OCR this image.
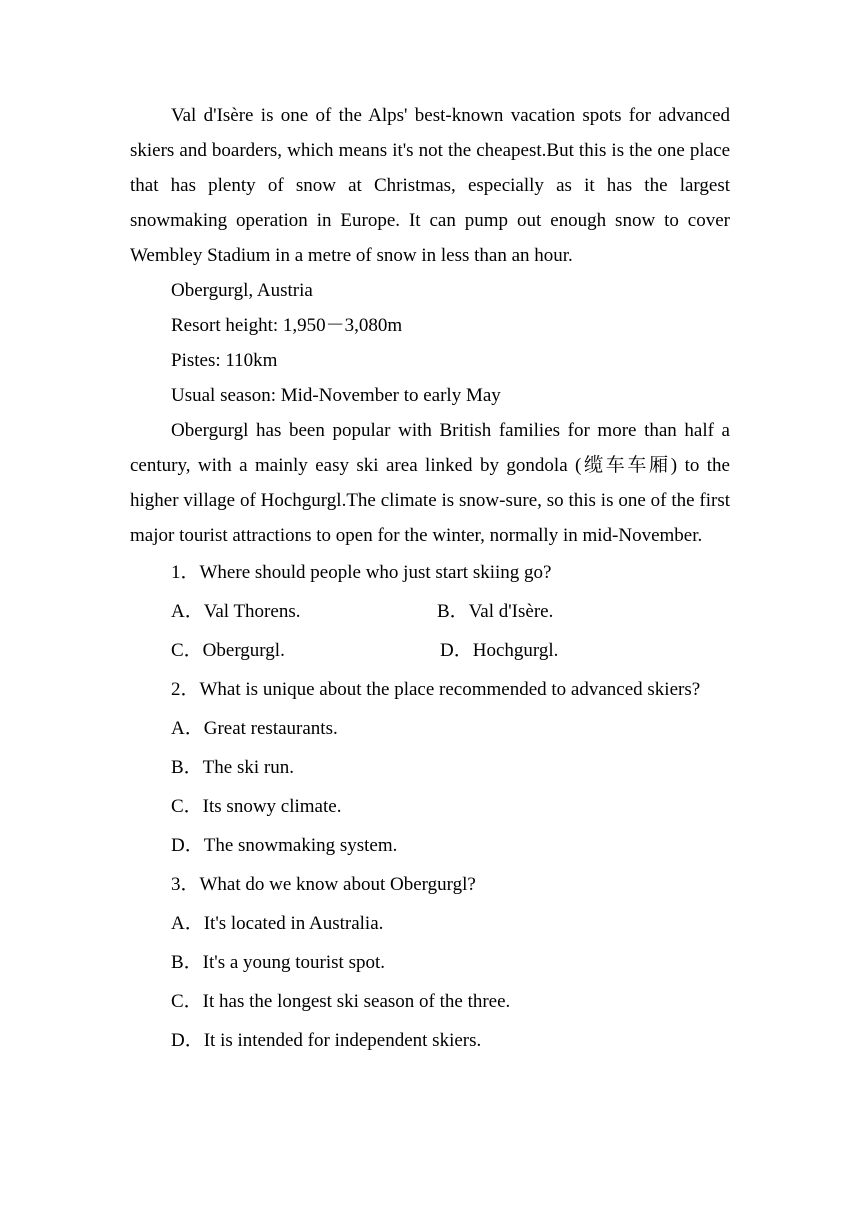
Val d'Isère is one of the Alps' best-known vacation spots for advanced skiers and boarders, which means it's not the cheapest.But this is the one place that has plenty of snow at Christmas, especially as it has the largest snowmaking operation in Europe. It can pump out enough snow to cover Wembley Stadium in a metre of snow in less than an hour.

Obergurgl, Austria

Resort height: 1,950－3,080m

Pistes: 110km

Usual season: Mid-November to early May

Obergurgl has been popular with British families for more than half a century, with a mainly easy ski area linked by gondola (缆车车厢) to the higher village of Hochgurgl.The climate is snow-sure, so this is one of the first major tourist attractions to open for the winter, normally in mid-November.

1．Where should people who just start skiing go?

A．Val Thorens.	B．Val d'Isère.
C．Obergurgl.	D．Hochgurgl.

2．What is unique about the place recommended to advanced skiers?

A．Great restaurants.

B．The ski run.

C．Its snowy climate.

D．The snowmaking system.

3．What do we know about Obergurgl?

A．It's located in Australia.

B．It's a young tourist spot.

C．It has the longest ski season of the three.

D．It is intended for independent skiers.
